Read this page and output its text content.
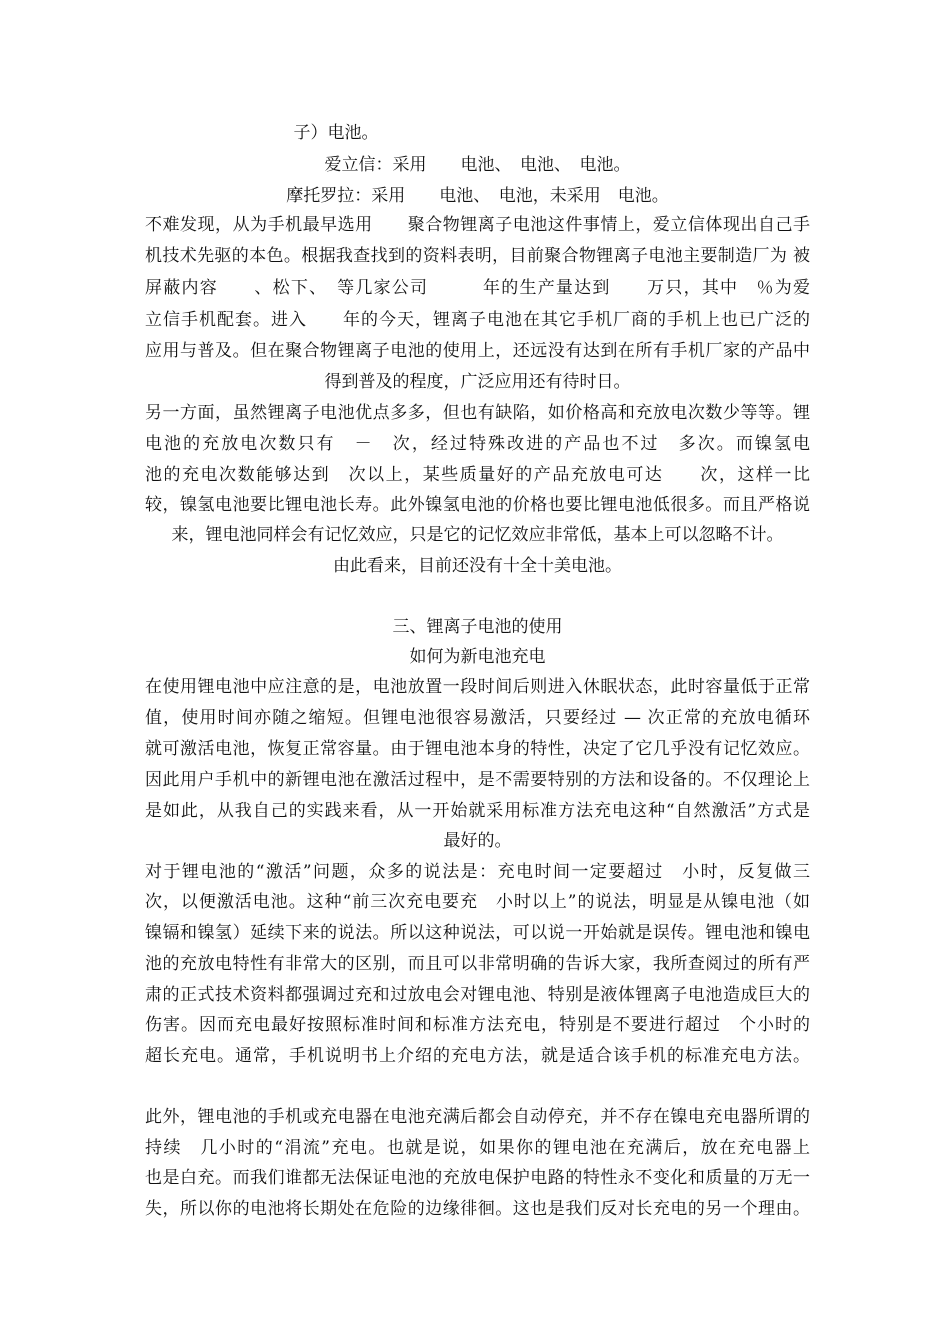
子）电池。
爱立信：采用　　电池、　电池、　电池。
摩托罗拉：采用　　电池、　电池，未采用　电池。
不难发现，从为手机最早选用　　聚合物锂离子电池这件事情上，爱立信体现出自己手
机技术先驱的本色。根据我查找到的资料表明，目前聚合物锂离子电池主要制造厂为 被
屏蔽内容　　、松下、　等几家公司　　　年的生产量达到　　万只，其中　％为爱
立信手机配套。进入　　年的今天，锂离子电池在其它手机厂商的手机上也已广泛的
应用与普及。但在聚合物锂离子电池的使用上，还远没有达到在所有手机厂家的产品中
得到普及的程度，广泛应用还有待时日。
另一方面，虽然锂离子电池优点多多，但也有缺陷，如价格高和充放电次数少等等。锂
电池的充放电次数只有　－　次，经过特殊改进的产品也不过　多次。而镍氢电
池的充电次数能够达到　次以上，某些质量好的产品充放电可达　　次，这样一比
较，镍氢电池要比锂电池长寿。此外镍氢电池的价格也要比锂电池低很多。而且严格说
来，锂电池同样会有记忆效应，只是它的记忆效应非常低，基本上可以忽略不计。
由此看来，目前还没有十全十美电池。
三、锂离子电池的使用
如何为新电池充电
在使用锂电池中应注意的是，电池放置一段时间后则进入休眠状态，此时容量低于正常
值，使用时间亦随之缩短。但锂电池很容易激活，只要经过 — 次正常的充放电循环
就可激活电池，恢复正常容量。由于锂电池本身的特性，决定了它几乎没有记忆效应。
因此用户手机中的新锂电池在激活过程中，是不需要特别的方法和设备的。不仅理论上
是如此，从我自己的实践来看，从一开始就采用标准方法充电这种“自然激活”方式是
最好的。
对于锂电池的“激活”问题，众多的说法是：充电时间一定要超过　小时，反复做三
次，以便激活电池。这种“前三次充电要充　小时以上”的说法，明显是从镍电池（如
镍镉和镍氢）延续下来的说法。所以这种说法，可以说一开始就是误传。锂电池和镍电
池的充放电特性有非常大的区别，而且可以非常明确的告诉大家，我所查阅过的所有严
肃的正式技术资料都强调过充和过放电会对锂电池、特别是液体锂离子电池造成巨大的
伤害。因而充电最好按照标准时间和标准方法充电，特别是不要进行超过　个小时的
超长充电。通常，手机说明书上介绍的充电方法，就是适合该手机的标准充电方法。
此外，锂电池的手机或充电器在电池充满后都会自动停充，并不存在镍电充电器所谓的
持续　几小时的“涓流”充电。也就是说，如果你的锂电池在充满后，放在充电器上
也是白充。而我们谁都无法保证电池的充放电保护电路的特性永不变化和质量的万无一
失，所以你的电池将长期处在危险的边缘徘徊。这也是我们反对长充电的另一个理由。
